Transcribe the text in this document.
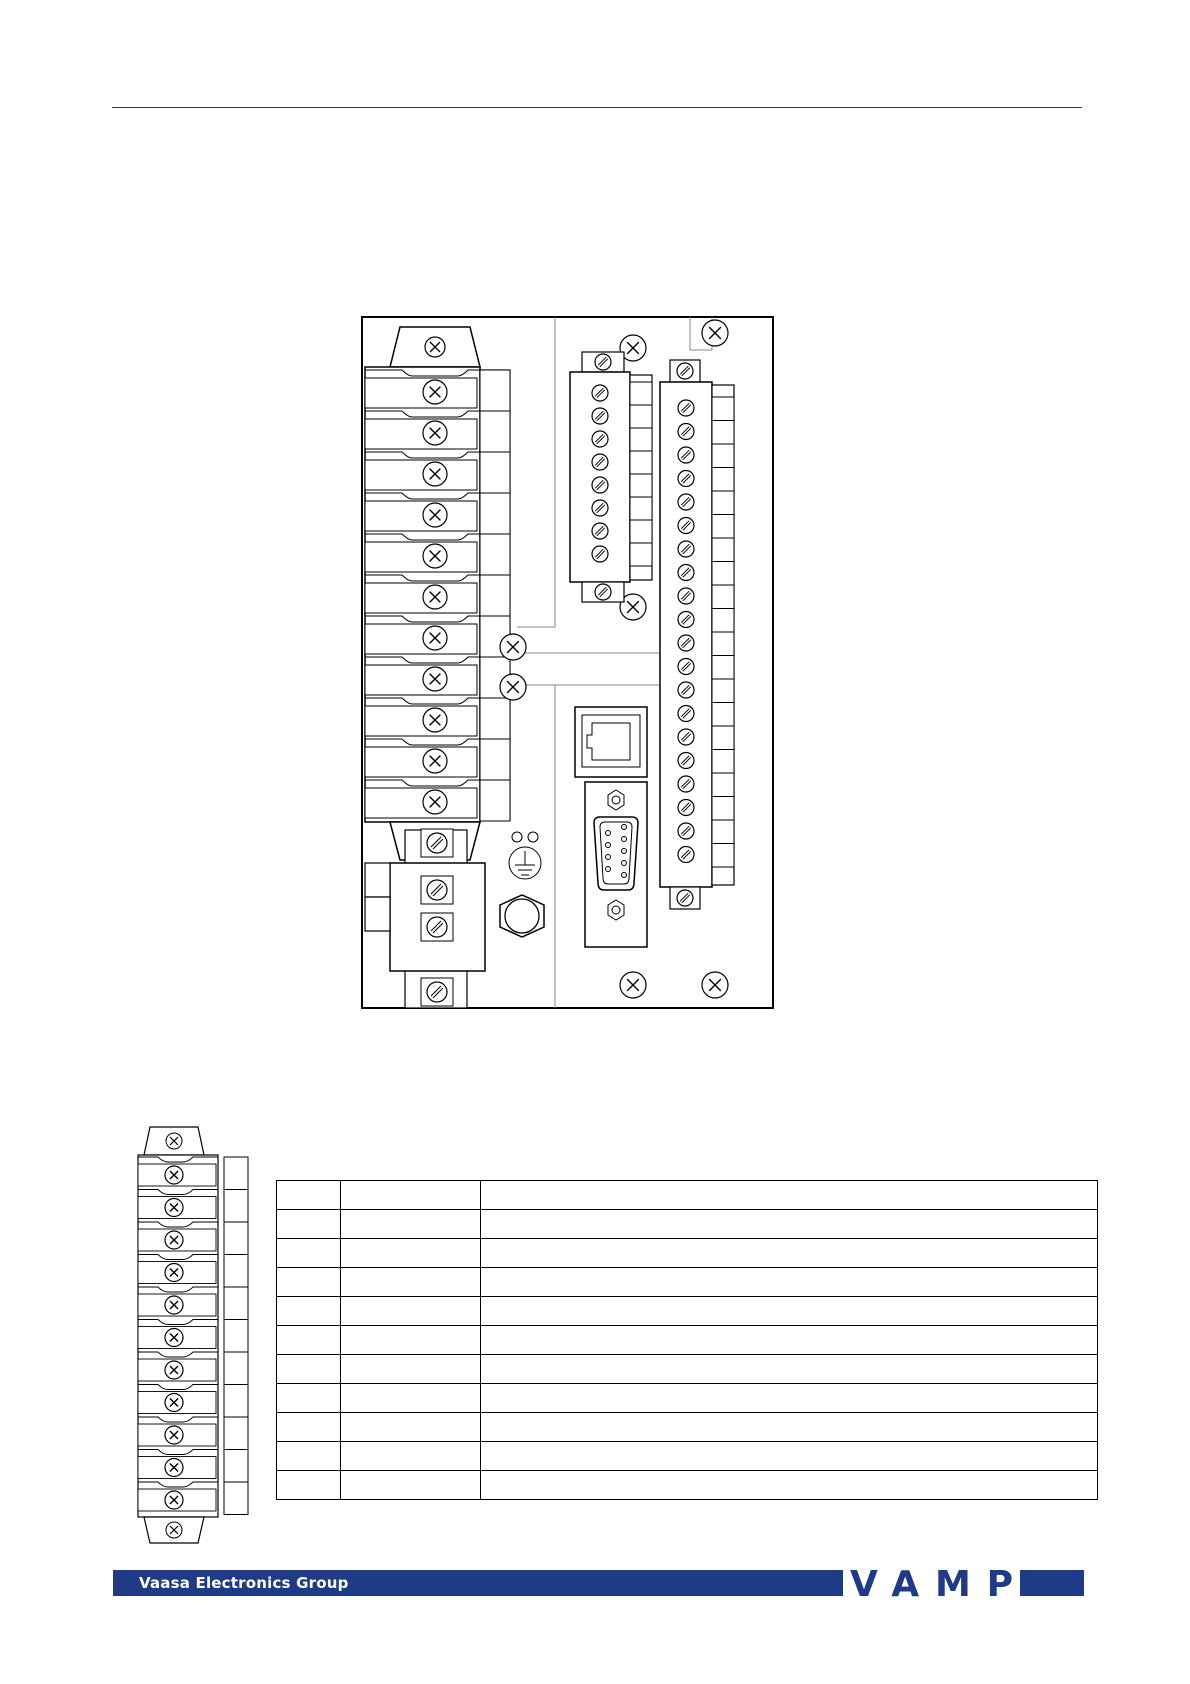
Vaasa Electronics Group	VAMP
